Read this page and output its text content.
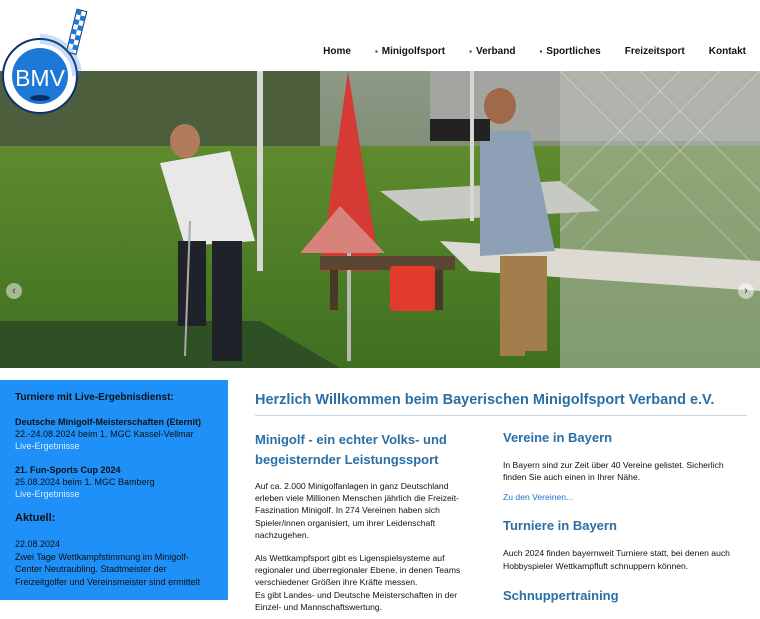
Home	▪ Minigolfsport	▪ Verband	▪ Sportliches Freizeitsport Kontakt
BMV
‹	›
Turniere mit Live-Ergebnisdienst:
Deutsche Minigolf-Meisterschaften (Eternit)
22.-24.08.2024 beim 1. MGC Kassel-Vellmar
Live-Ergebnisse
21. Fun-Sports Cup 2024
25.08.2024 beim 1. MGC Bamberg
Live-Ergebnisse
Aktuell:
22.08.2024
Zwei Tage Wettkampfstimmung im Minigolf-Center Neutraubling. Stadtmeister der Freizeitgolfer und Vereinsmeister sind ermittelt
Herzlich Willkommen beim Bayerischen Minigolfsport Verband e.V.
Minigolf - ein echter Volks- und begeisternder Leistungssport

Auf ca. 2.000 Minigolfanlagen in ganz Deutschland erleben viele Millionen Menschen jährlich die Freizeit-Faszination Minigolf. In 274 Vereinen haben sich Spieler/innen organisiert, um ihrer Leidenschaft nachzugehen.

Als Wettkampfsport gibt es Ligenspielsysteme auf regionaler und überregionaler Ebene, in denen Teams verschiedener Größen ihre Kräfte messen.

Es gibt Landes- und Deutsche Meisterschaften in der Einzel- und Mannschaftswertung.

Vereine in Bayern

In Bayern sind zur Zeit über 40 Vereine gelistet. Sicherlich finden Sie auch einen in Ihrer Nähe.

Zu den Vereinen...
Turniere in Bayern

Auch 2024 finden bayernweit Turniere statt, bei denen auch Hobbyspieler Wettkampfluft schnuppern können.

Schnuppertraining
